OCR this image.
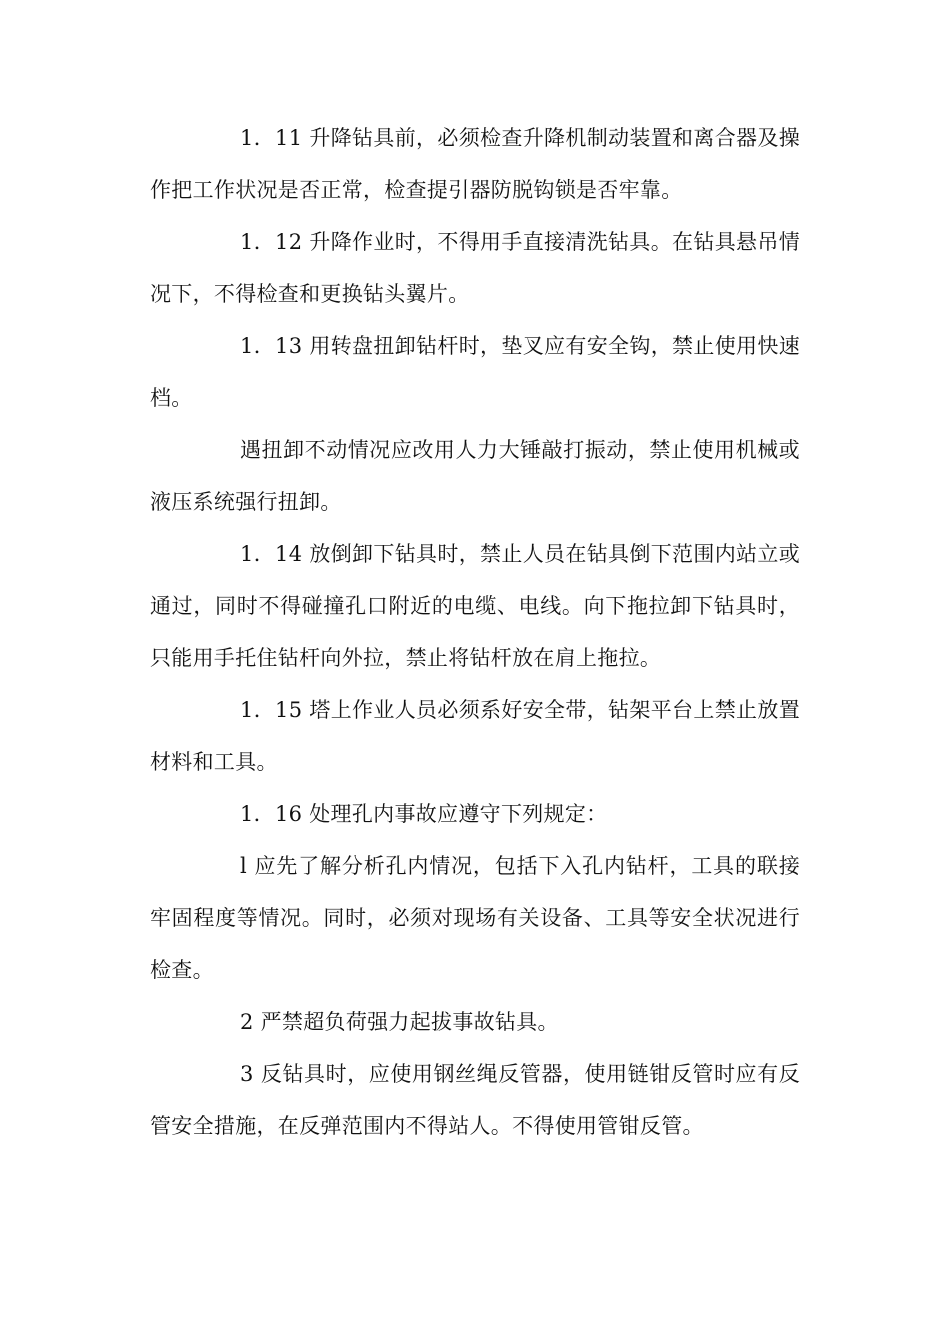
1．11 升降钻具前，必须检查升降机制动装置和离合器及操作把工作状况是否正常，检查提引器防脱钩锁是否牢靠。

1．12 升降作业时，不得用手直接清洗钻具。在钻具悬吊情况下，不得检查和更换钻头翼片。

1．13 用转盘扭卸钻杆时，垫叉应有安全钩，禁止使用快速档。

遇扭卸不动情况应改用人力大锤敲打振动，禁止使用机械或液压系统强行扭卸。

1．14 放倒卸下钻具时，禁止人员在钻具倒下范围内站立或通过，同时不得碰撞孔口附近的电缆、电线。向下拖拉卸下钻具时，只能用手托住钻杆向外拉，禁止将钻杆放在肩上拖拉。

1．15 塔上作业人员必须系好安全带，钻架平台上禁止放置材料和工具。

1．16 处理孔内事故应遵守下列规定：

l 应先了解分析孔内情况，包括下入孔内钻杆，工具的联接牢固程度等情况。同时，必须对现场有关设备、工具等安全状况进行检查。

2 严禁超负荷强力起拔事故钻具。

3 反钻具时，应使用钢丝绳反管器，使用链钳反管时应有反管安全措施，在反弹范围内不得站人。不得使用管钳反管。
